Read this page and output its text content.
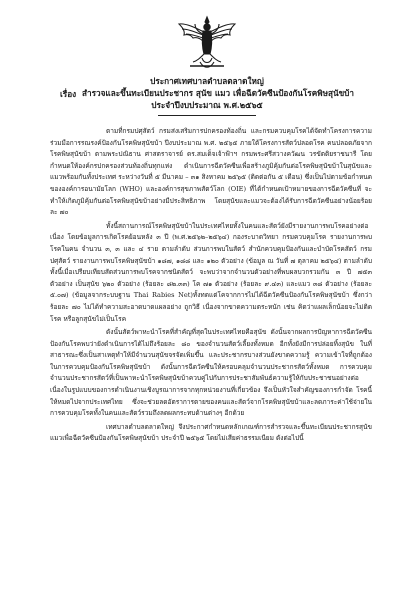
ประกาศเทศบาลตำบลตลาดใหญ่
เรื่อง สำรวจและขึ้นทะเบียนประชากร สุนัข แมว เพื่อฉีดวัคซีนป้องกันโรคพิษสุนัขบ้า
ประจำปีงบประมาณ พ.ศ.๒๕๖๕

ตามที่กรมปศุสัตว์ กรมส่งเสริมการปกครองท้องถิ่น และกรมควบคุมโรคได้จัดทำโครงการความร่วมมือการรณรงค์ป้องกันโรคพิษสุนัขบ้า ปีงบประมาณ พ.ศ. ๒๕๖๕ ภายใต้โครงการสัตว์ปลอดโรค คนปลอดภัยจากโรคพิษสุนัขบ้า ตามพระปณิธาน ศาสตราจารย์ ดร.สมเด็จเจ้าฟ้าฯ กรมพระศรีสวางควัฒน วรขัตติยราชนารี โดยกำหนดให้องค์กรปกครองส่วนท้องถิ่นทุกแห่ง ดำเนินการฉีดวัคซีนเพื่อสร้างภูมิคุ้มกันต่อโรคพิษสุนัขบ้าในสุนัขและแมวพร้อมกันทั้งประเทศ ระหว่างวันที่ ๕ มีนาคม – ๓๑ สิงหาคม ๒๕๖๕ (ติดต่อกัน ๕ เดือน) ซึ่งเป็นไปตามข้อกำหนดขององค์การอนามัยโลก (WHO) และองค์การสุขภาพสัตว์โลก (OIE) ที่ได้กำหนดเป้าหมายของการฉีดวัคซีนที่ จะทำให้เกิดภูมิคุ้มกันต่อโรคพิษสุนัขบ้าอย่างมีประสิทธิภาพ โดยสุนัขและแมวจะต้องได้รับการฉีดวัคซีนอย่างน้อยร้อยละ ๗๐

ทั้งนี้สถานการณ์โรคพิษสุนัขบ้าในประเทศไทยทั้งในคนและสัตว์ยังมีรายงานการพบโรคอย่างต่อเนื่อง โดยข้อมูลการเกิดโรคย้อนหลัง ๓ ปี (พ.ศ.๒๕๖๒–๒๕๖๔) กองระบาดวิทยา กรมควบคุมโรค รายงานการพบโรคในคน จำนวน ๓, ๓ และ ๔ ราย ตามลำดับ ส่วนการพบในสัตว์ สำนักควบคุมป้องกันและบำบัดโรคสัตว์ กรมปศุสัตว์ รายงานการพบโรคพิษสุนัขบ้า ๑๘๗, ๑๘๘ และ ๑๒๐ ตัวอย่าง (ข้อมูล ณ วันที่ ๗ ตุลาคม ๒๕๖๔) ตามลำดับ ทั้งนี้เมื่อเปรียบเทียบสัดส่วนการพบโรคจากชนิดสัตว์ จะพบว่าจากจำนวนตัวอย่างที่พบผลบวกรวมกัน ๓ ปี ๗๕๓ ตัวอย่าง เป็นสุนัข ๖๒๐ ตัวอย่าง (ร้อยละ ๘๒.๓๓) โค ๗๑ ตัวอย่าง (ร้อยละ ๙.๔๓) และแมว ๓๘ ตัวอย่าง (ร้อยละ ๕.๐๗) (ข้อมูลจากระบบฐาน Thai Rabies Net)ทั้งทดแต่โคจากการไม่ได้ฉีดวัคซีนป้องกันโรคพิษสุนัขบ้า ซึ่งกว่าร้อยละ ๗๐ ไม่ได้ทำความสะอาดบาดแผลอย่าง ถูกวิธี เนื่องจากขาดความตระหนัก เช่น คิดว่าแผลเล็กน้อยจะไม่ติดโรค หรือลูกสุนัขไม่เป็นโรค

ดังนั้นสัตว์พาหะนำโรคที่สำคัญที่สุดในประเทศไทยคือสุนัข ดังนั้นจากผลการปัญหาการฉีดวัคซีนป้องกันโรคพบว่ายังดำเนินการได้ไม่ถึงร้อยละ ๘๐ ของจำนวนสัตว์เลี้ยงทั้งหมด อีกทั้งยังมีการปล่อยทิ้งสุนัข ในที่สาธารณะซึ่งเป็นสาเหตุทำให้มีจำนวนสุนัขจรจัดเพิ่มขึ้น และประชากรบางส่วนยังขาดความรู้ ความเข้าใจที่ถูกต้องในการควบคุมป้องกันโรคพิษสุนัขบ้า ดังนั้นการฉีดวัคซีนให้ครอบคลุมจำนวนประชากรสัตว์ทั้งหมด การควบคุมจำนวนประชากรสัตว์ที่เป็นพาหะนำโรคพิษสุนัขบ้าควบคู่ไปกับการประชาสัมพันธ์ความรู้ให้กับประชาชนอย่างต่อเนื่องในรูปแบบของการดำเนินงานเชิงบูรณาการจากทุกหน่วยงานที่เกี่ยวข้อง จึงเป็นหัวใจสำคัญของการกำจัด โรคนี้ให้หมดไปจากประเทศไทย ซึ่งจะช่วยลดอัตราการตายของคนและสัตว์จากโรคพิษสุนัขบ้าและลดภาระค่าใช้จ่ายในการควบคุมโรคทั้งในคนและสัตว์รวมถึงลดผลกระทบด้านต่างๆ อีกด้วย

เทศบาลตำบลตลาดใหญ่ จึงประกาศกำหนดหลักเกณฑ์การสำรวจและขึ้นทะเบียนประชากรสุนัข แมวเพื่อฉีดวัคซีนป้องกันโรคพิษสุนัขบ้า ประจำปี ๒๕๖๕ โดยไม่เสียค่าธรรมเนียม ดังต่อไปนี้
